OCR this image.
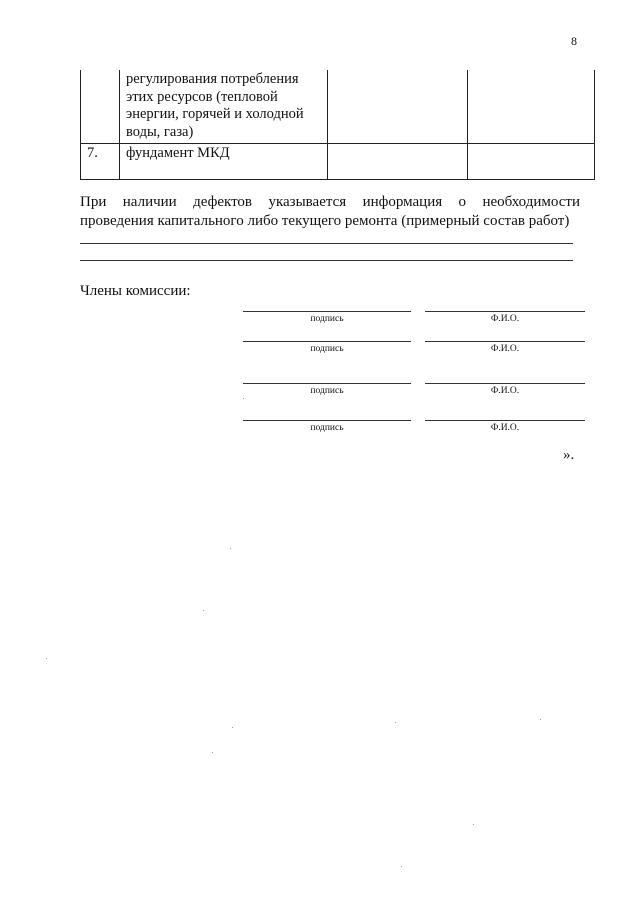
8

	регулирования потребления
этих ресурсов (тепловой
энергии, горячей и холодной
воды, газа)		

7.	фундамент МКД		
При наличии дефектов указывается информация о необходимости
проведения капитального либо текущего ремонта (примерный состав работ)
Члены комиссии:
подпись	Ф.И.О.
подпись	Ф.И.О.
подпись	Ф.И.О.
подпись	Ф.И.О.
».
